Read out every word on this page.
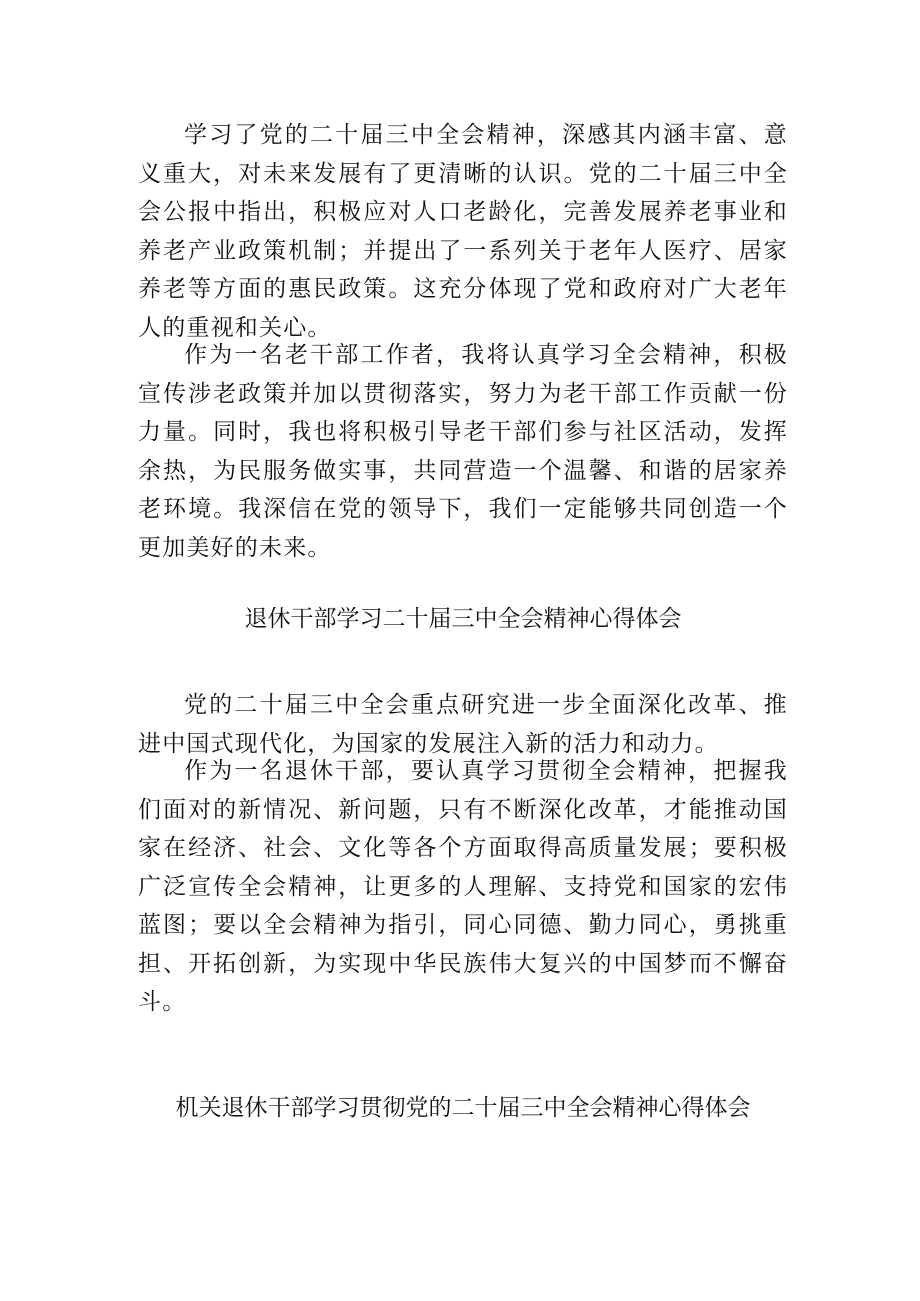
学习了党的二十届三中全会精神，深感其内涵丰富、意义重大，对未来发展有了更清晰的认识。党的二十届三中全会公报中指出，积极应对人口老龄化，完善发展养老事业和养老产业政策机制；并提出了一系列关于老年人医疗、居家养老等方面的惠民政策。这充分体现了党和政府对广大老年人的重视和关心。

作为一名老干部工作者，我将认真学习全会精神，积极宣传涉老政策并加以贯彻落实，努力为老干部工作贡献一份力量。同时，我也将积极引导老干部们参与社区活动，发挥余热，为民服务做实事，共同营造一个温馨、和谐的居家养老环境。我深信在党的领导下，我们一定能够共同创造一个更加美好的未来。

退休干部学习二十届三中全会精神心得体会

党的二十届三中全会重点研究进一步全面深化改革、推进中国式现代化，为国家的发展注入新的活力和动力。

作为一名退休干部，要认真学习贯彻全会精神，把握我们面对的新情况、新问题，只有不断深化改革，才能推动国家在经济、社会、文化等各个方面取得高质量发展；要积极广泛宣传全会精神，让更多的人理解、支持党和国家的宏伟蓝图；要以全会精神为指引，同心同德、勤力同心，勇挑重担、开拓创新，为实现中华民族伟大复兴的中国梦而不懈奋斗。

机关退休干部学习贯彻党的二十届三中全会精神心得体会
